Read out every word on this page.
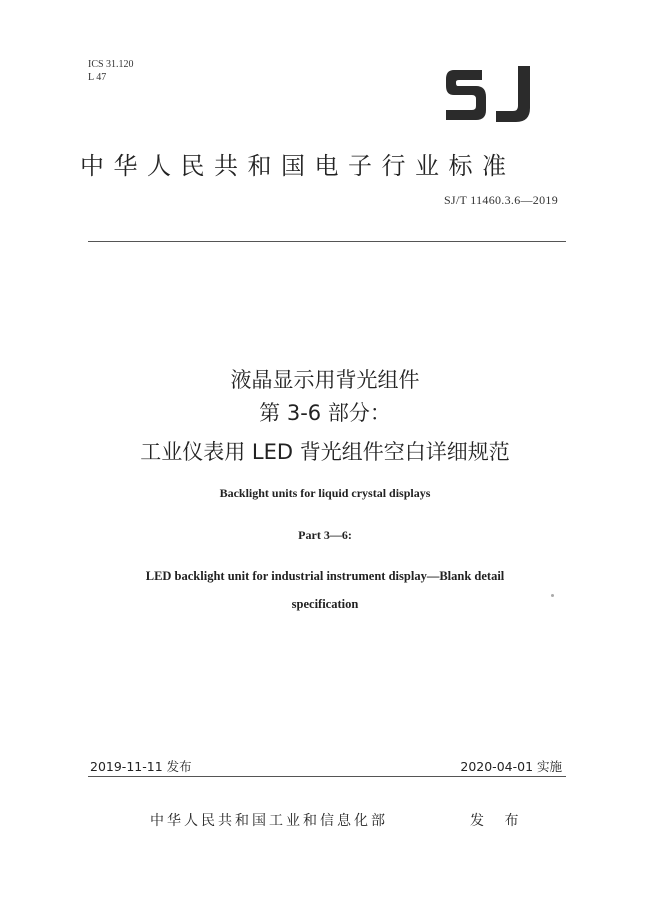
ICS 31.120
L 47
中华人民共和国电子行业标准
SJ/T 11460.3.6—2019
液晶显示用背光组件
第 3-6 部分：
工业仪表用 LED 背光组件空白详细规范
Backlight units for liquid crystal displays
Part 3—6:
LED backlight unit for industrial instrument display—Blank detail
specification
2019-11-11 发布	2020-04-01 实施
中华人民共和国工业和信息化部	发 布
